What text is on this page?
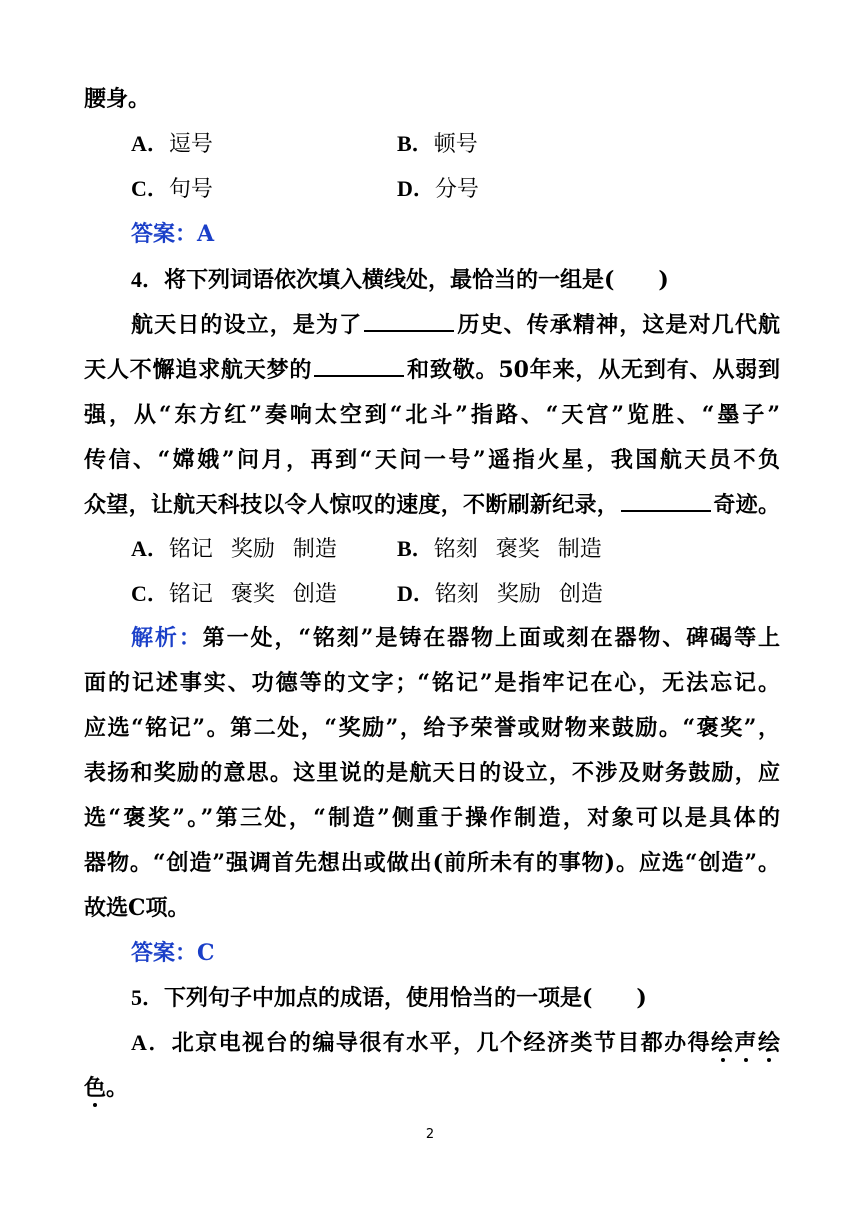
腰身。
A．逗号	B．顿号
C．句号	D．分号
答案：A
4．将下列词语依次填入横线处，最恰当的一组是(　　)
航天日的设立，是为了	历史、传承精神，这是对几代航
天人不懈追求航天梦的	和致敬。50年来，从无到有、从弱到
强，从“东方红”奏响太空到“北斗”指路、“天宫”览胜、“墨子”
传信、“嫦娥”问月，再到“天问一号”遥指火星，我国航天员不负
众望，让航天科技以令人惊叹的速度，不断刷新纪录，	奇迹。
A．铭记 奖励 制造	B．铭刻 褒奖 制造
C．铭记 褒奖 创造	D．铭刻 奖励 创造
解析：第一处，“铭刻”是铸在器物上面或刻在器物、碑碣等上
面的记述事实、功德等的文字；“铭记”是指牢记在心，无法忘记。
应选“铭记”。第二处，“奖励”，给予荣誉或财物来鼓励。“褒奖”，
表扬和奖励的意思。这里说的是航天日的设立，不涉及财务鼓励，应
选“褒奖”。”第三处，“制造”侧重于操作制造，对象可以是具体的
器物。“创造”强调首先想出或做出(前所未有的事物)。应选“创造”。
故选C项。
答案：C
5．下列句子中加点的成语，使用恰当的一项是(　　)
A．北京电视台的编导很有水平，几个经济类节目都办得绘声绘
色。
2
